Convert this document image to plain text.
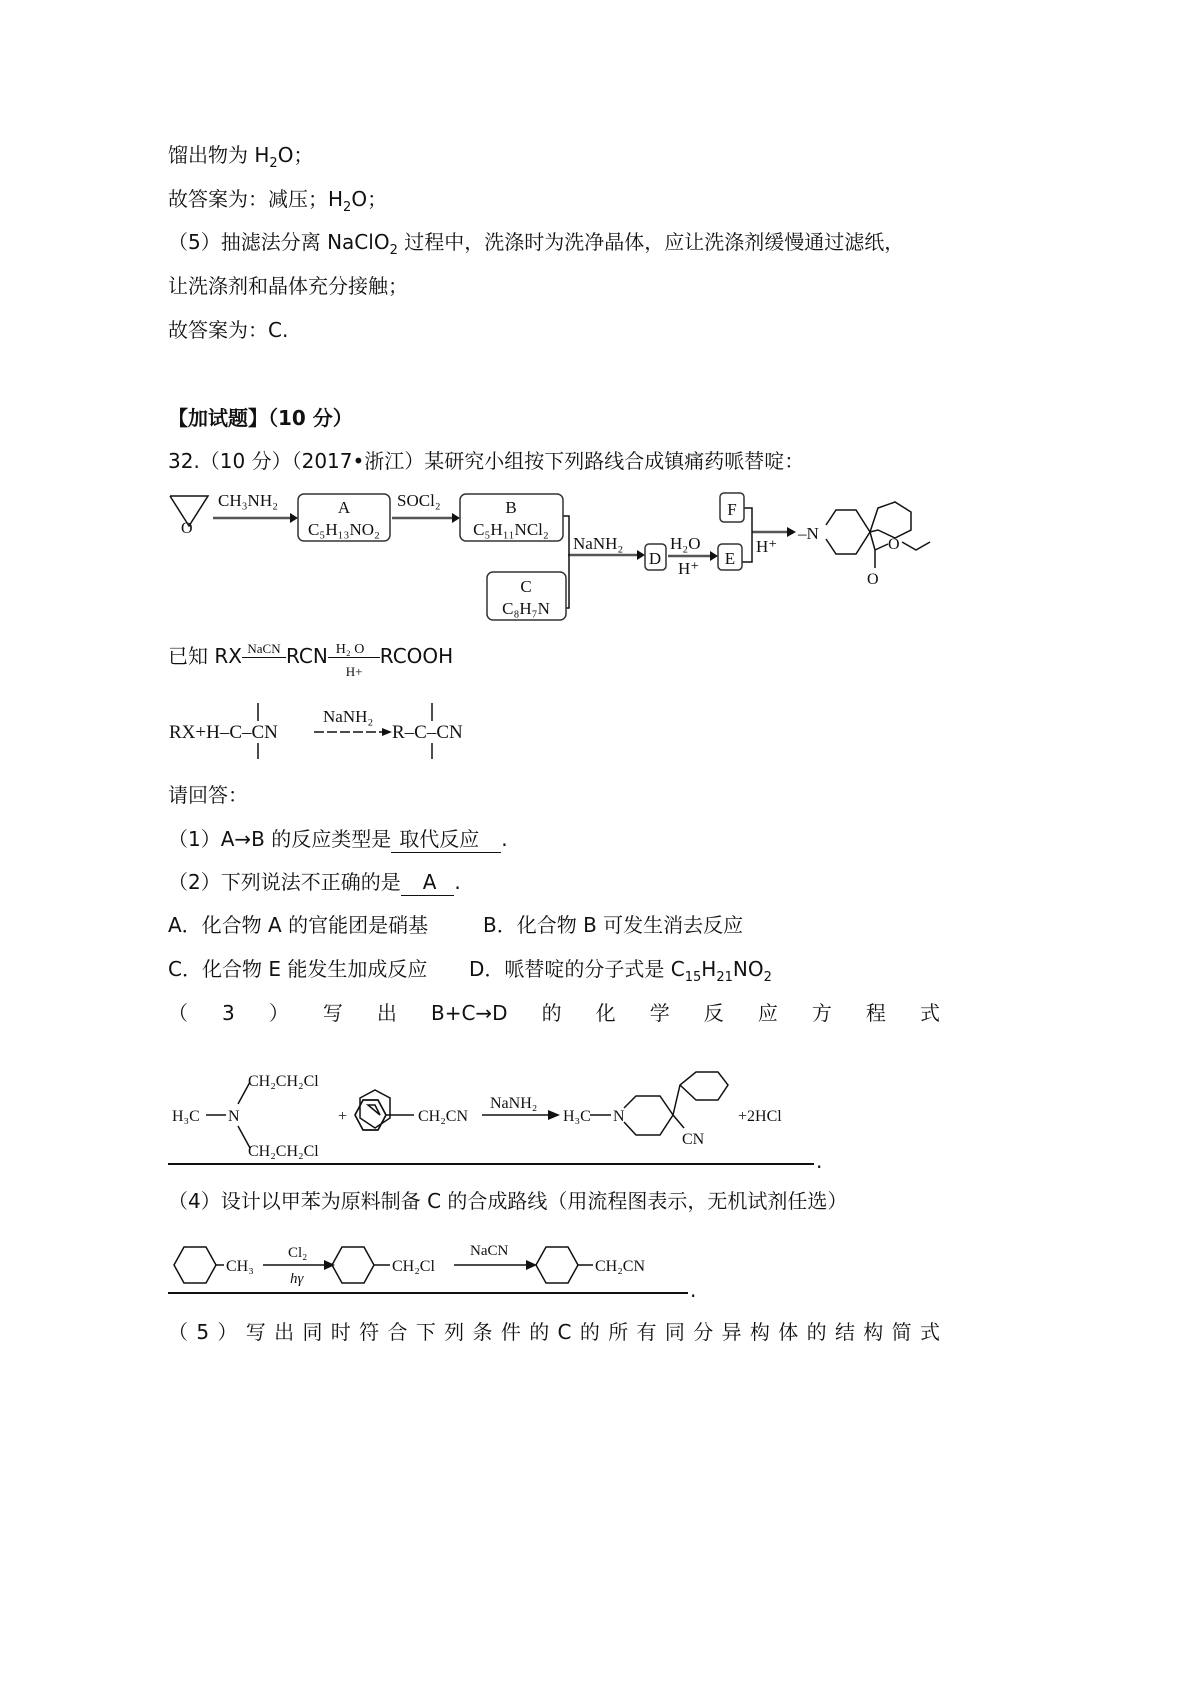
馏出物为 $H_2O$；
故答案为：减压；$H_2O$；
（5）抽滤法分离 NaClO$_2$ 过程中，洗涤时为洗净晶体，应让洗涤剂缓慢通过滤纸，
让洗涤剂和晶体充分接触；
故答案为：C.
【加试题】（10 分）
32.（10 分）（2017•浙江）某研究小组按下列路线合成镇痛药哌替啶：
O
CH₃NH₂	A
C₅H₁₃NO₂
SOCl₂	B
C₅H₁₁NCl₂
C
C₈H₇N
NaNH₂
D
H₂O
H⁺
E
F
H⁺
–N
O
O
已知 RX NaCN RCN $\frac{\text{H₂ O}}{H+}$ RCOOH
RX+H–C–CN
NaNH₂
R–C–CN
请回答：
（1）A→B 的反应类型是 取代反应 .
（2）下列说法不正确的是 A .
A．化合物 A 的官能团是硝基	B．化合物 B 可发生消去反应
C．化合物 E 能发生加成反应 D．哌替啶的分子式是 $C_{15}H_{21}NO_2$
（ 3 ） 写 出 B+C→D 的 化 学 反 应 方 程 式
H₃C N
CH₂CH₂Cl
CH₂CH₂Cl
+	CH₂CN
NaNH₂
H₃C N
CN
+2HCl
.
（4）设计以甲苯为原料制备 C 的合成路线（用流程图表示，无机试剂任选）
CH₃
Cl₂
hγ
CH₂Cl
NaCN
CH₂CN
.
（ 5 ） 写 出 同 时 符 合 下 列 条 件 的 C 的 所 有 同 分 异 构 体 的 结 构 简 式
